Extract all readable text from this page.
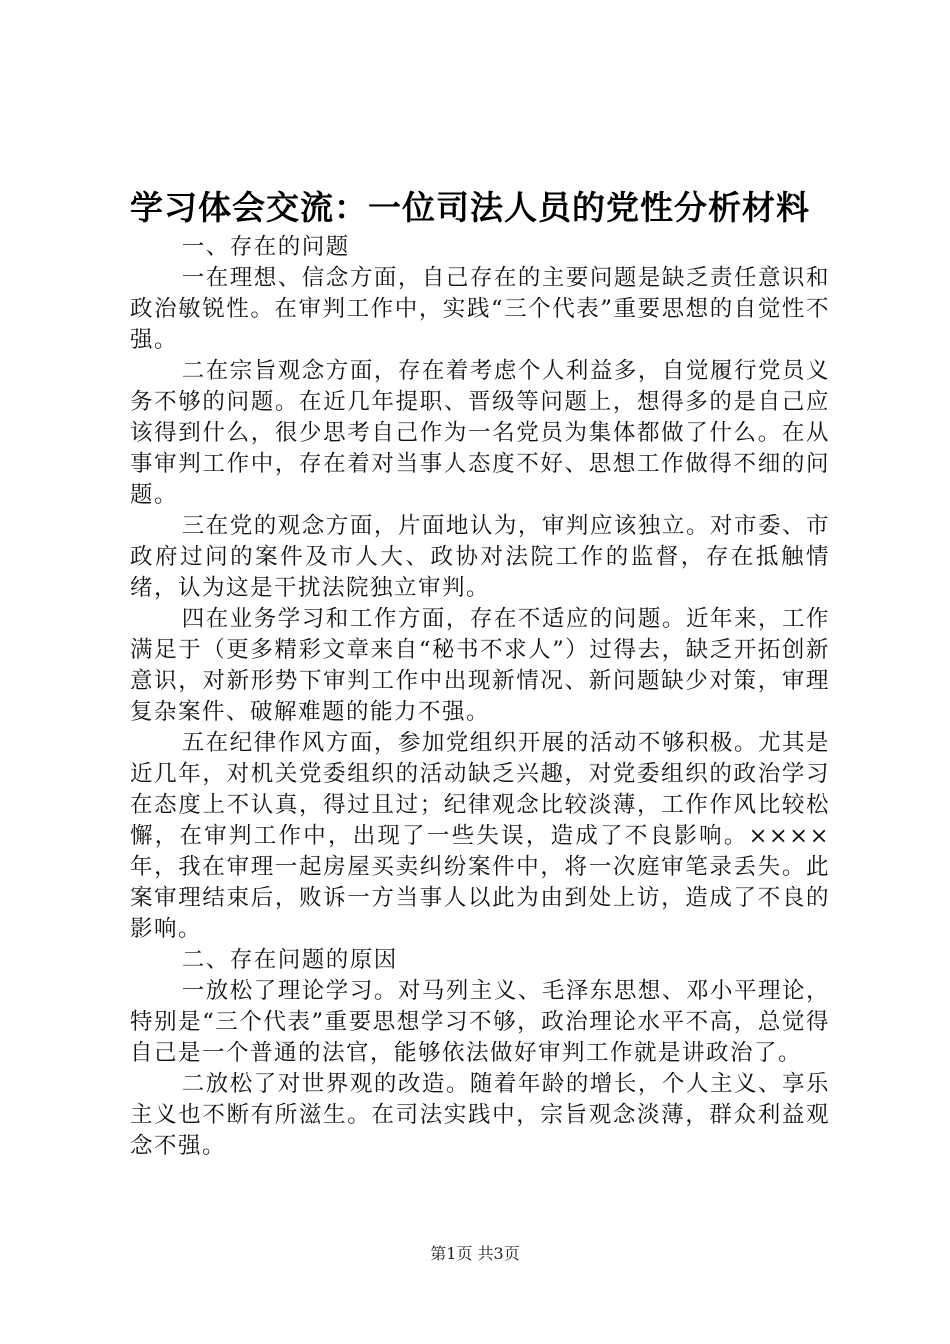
学习体会交流：一位司法人员的党性分析材料

一、存在的问题

一在理想、信念方面，自己存在的主要问题是缺乏责任意识和政治敏锐性。在审判工作中，实践“三个代表”重要思想的自觉性不强。

二在宗旨观念方面，存在着考虑个人利益多，自觉履行党员义务不够的问题。在近几年提职、晋级等问题上，想得多的是自己应该得到什么，很少思考自己作为一名党员为集体都做了什么。在从事审判工作中，存在着对当事人态度不好、思想工作做得不细的问题。

三在党的观念方面，片面地认为，审判应该独立。对市委、市政府过问的案件及市人大、政协对法院工作的监督，存在抵触情绪，认为这是干扰法院独立审判。

四在业务学习和工作方面，存在不适应的问题。近年来，工作满足于（更多精彩文章来自“秘书不求人”）过得去，缺乏开拓创新意识，对新形势下审判工作中出现新情况、新问题缺少对策，审理复杂案件、破解难题的能力不强。

五在纪律作风方面，参加党组织开展的活动不够积极。尤其是近几年，对机关党委组织的活动缺乏兴趣，对党委组织的政治学习在态度上不认真，得过且过；纪律观念比较淡薄，工作作风比较松懈，在审判工作中，出现了一些失误，造成了不良影响。××××年，我在审理一起房屋买卖纠纷案件中，将一次庭审笔录丢失。此案审理结束后，败诉一方当事人以此为由到处上访，造成了不良的影响。

二、存在问题的原因

一放松了理论学习。对马列主义、毛泽东思想、邓小平理论，特别是“三个代表”重要思想学习不够，政治理论水平不高，总觉得自己是一个普通的法官，能够依法做好审判工作就是讲政治了。

二放松了对世界观的改造。随着年龄的增长，个人主义、享乐主义也不断有所滋生。在司法实践中，宗旨观念淡薄，群众利益观念不强。

第1页 共3页
